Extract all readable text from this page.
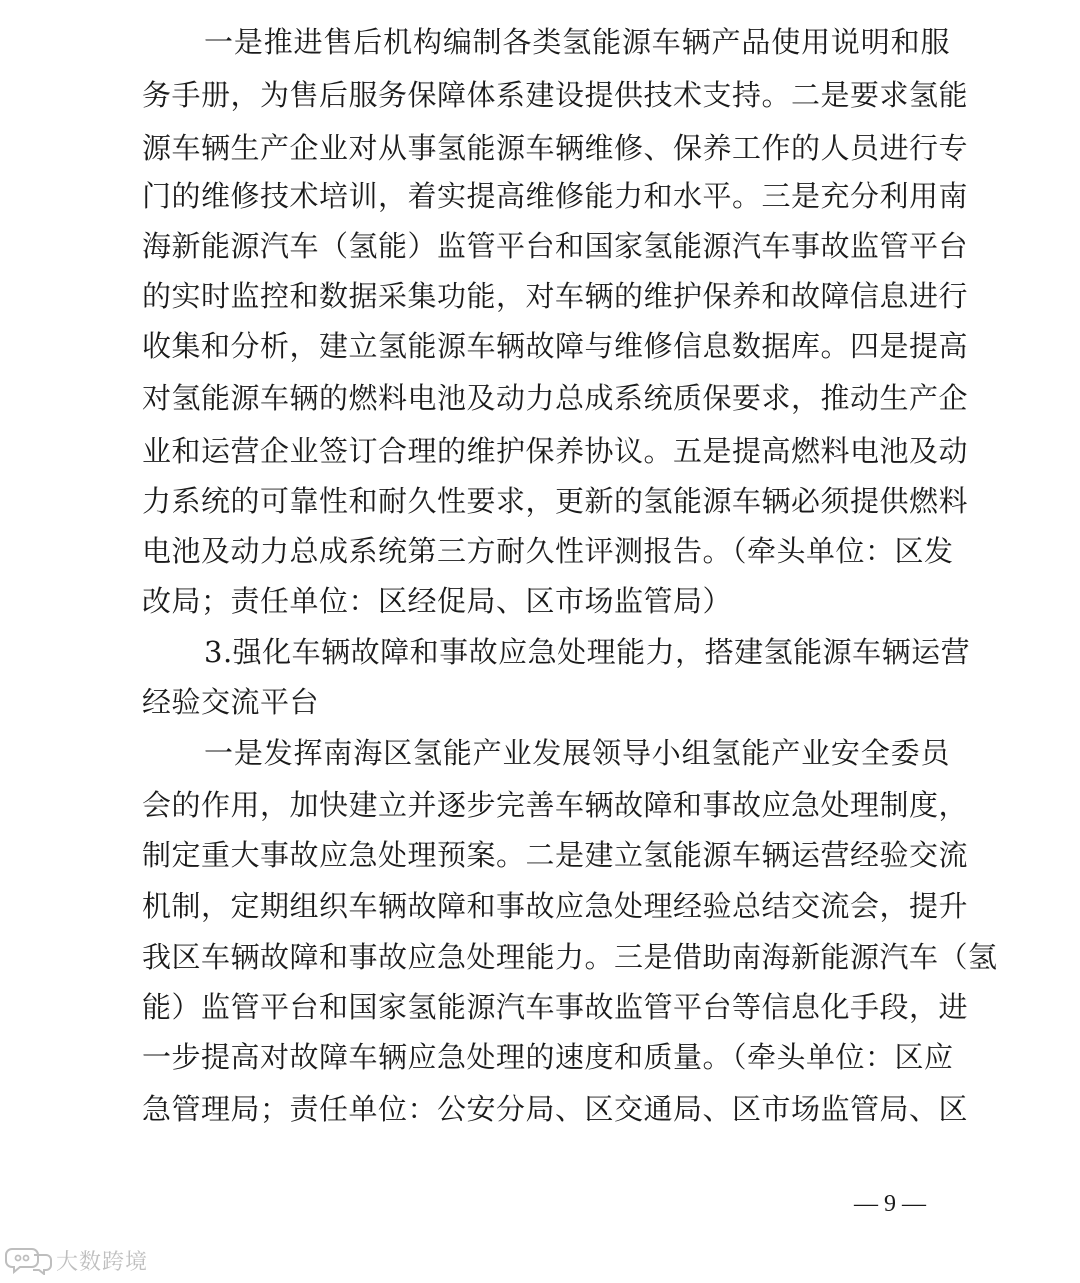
一是推进售后机构编制各类氢能源车辆产品使用说明和服
务手册，为售后服务保障体系建设提供技术支持。二是要求氢能
源车辆生产企业对从事氢能源车辆维修、保养工作的人员进行专
门的维修技术培训，着实提高维修能力和水平。三是充分利用南
海新能源汽车（氢能）监管平台和国家氢能源汽车事故监管平台
的实时监控和数据采集功能，对车辆的维护保养和故障信息进行
收集和分析，建立氢能源车辆故障与维修信息数据库。四是提高
对氢能源车辆的燃料电池及动力总成系统质保要求，推动生产企
业和运营企业签订合理的维护保养协议。五是提高燃料电池及动
力系统的可靠性和耐久性要求，更新的氢能源车辆必须提供燃料
电池及动力总成系统第三方耐久性评测报告。（牵头单位：区发
改局；责任单位：区经促局、区市场监管局）
3.强化车辆故障和事故应急处理能力，搭建氢能源车辆运营
经验交流平台
一是发挥南海区氢能产业发展领导小组氢能产业安全委员
会的作用，加快建立并逐步完善车辆故障和事故应急处理制度，
制定重大事故应急处理预案。二是建立氢能源车辆运营经验交流
机制，定期组织车辆故障和事故应急处理经验总结交流会，提升
我区车辆故障和事故应急处理能力。三是借助南海新能源汽车（氢
能）监管平台和国家氢能源汽车事故监管平台等信息化手段，进
一步提高对故障车辆应急处理的速度和质量。（牵头单位：区应
急管理局；责任单位：公安分局、区交通局、区市场监管局、区
— 9 —
大数跨境
